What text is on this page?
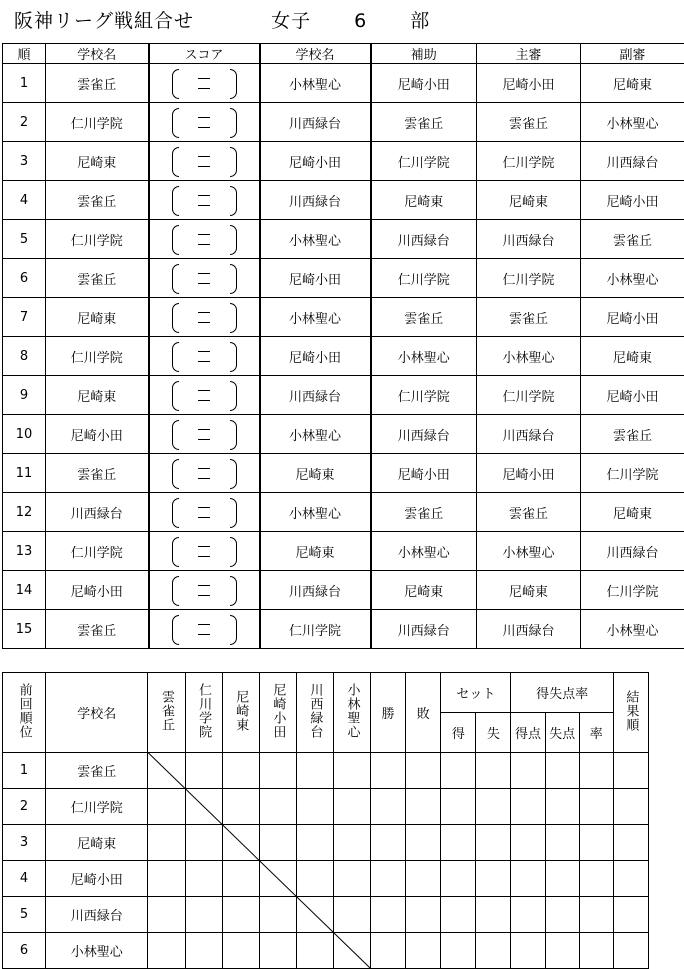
阪神リーグ戦組合せ	女子 6 部
順	学校名	スコア	学校名	補助	主審	副審
1	雲雀丘		小林聖心	尼崎小田	尼崎小田	尼崎東
2	仁川学院		川西緑台	雲雀丘	雲雀丘	小林聖心
3	尼崎東		尼崎小田	仁川学院	仁川学院	川西緑台
4	雲雀丘		川西緑台	尼崎東	尼崎東	尼崎小田
5	仁川学院		小林聖心	川西緑台	川西緑台	雲雀丘
6	雲雀丘		尼崎小田	仁川学院	仁川学院	小林聖心
7	尼崎東		小林聖心	雲雀丘	雲雀丘	尼崎小田
8	仁川学院		尼崎小田	小林聖心	小林聖心	尼崎東
9	尼崎東		川西緑台	仁川学院	仁川学院	尼崎小田
10	尼崎小田		小林聖心	川西緑台	川西緑台	雲雀丘
11	雲雀丘		尼崎東	尼崎小田	尼崎小田	仁川学院
12	川西緑台		小林聖心	雲雀丘	雲雀丘	尼崎東
13	仁川学院		尼崎東	小林聖心	小林聖心	川西緑台
14	尼崎小田		川西緑台	尼崎東	尼崎東	仁川学院
15	雲雀丘		仁川学院	川西緑台	川西緑台	小林聖心
前回順位	学校名	雲雀丘	仁川学院	尼崎東	尼崎小田	川西緑台	小林聖心	勝	敗	セット		得失点率			結果順
										得	失	得点	失点	率	
1	雲雀丘														
2	仁川学院														
3	尼崎東														
4	尼崎小田														
5	川西緑台														
6	小林聖心														
